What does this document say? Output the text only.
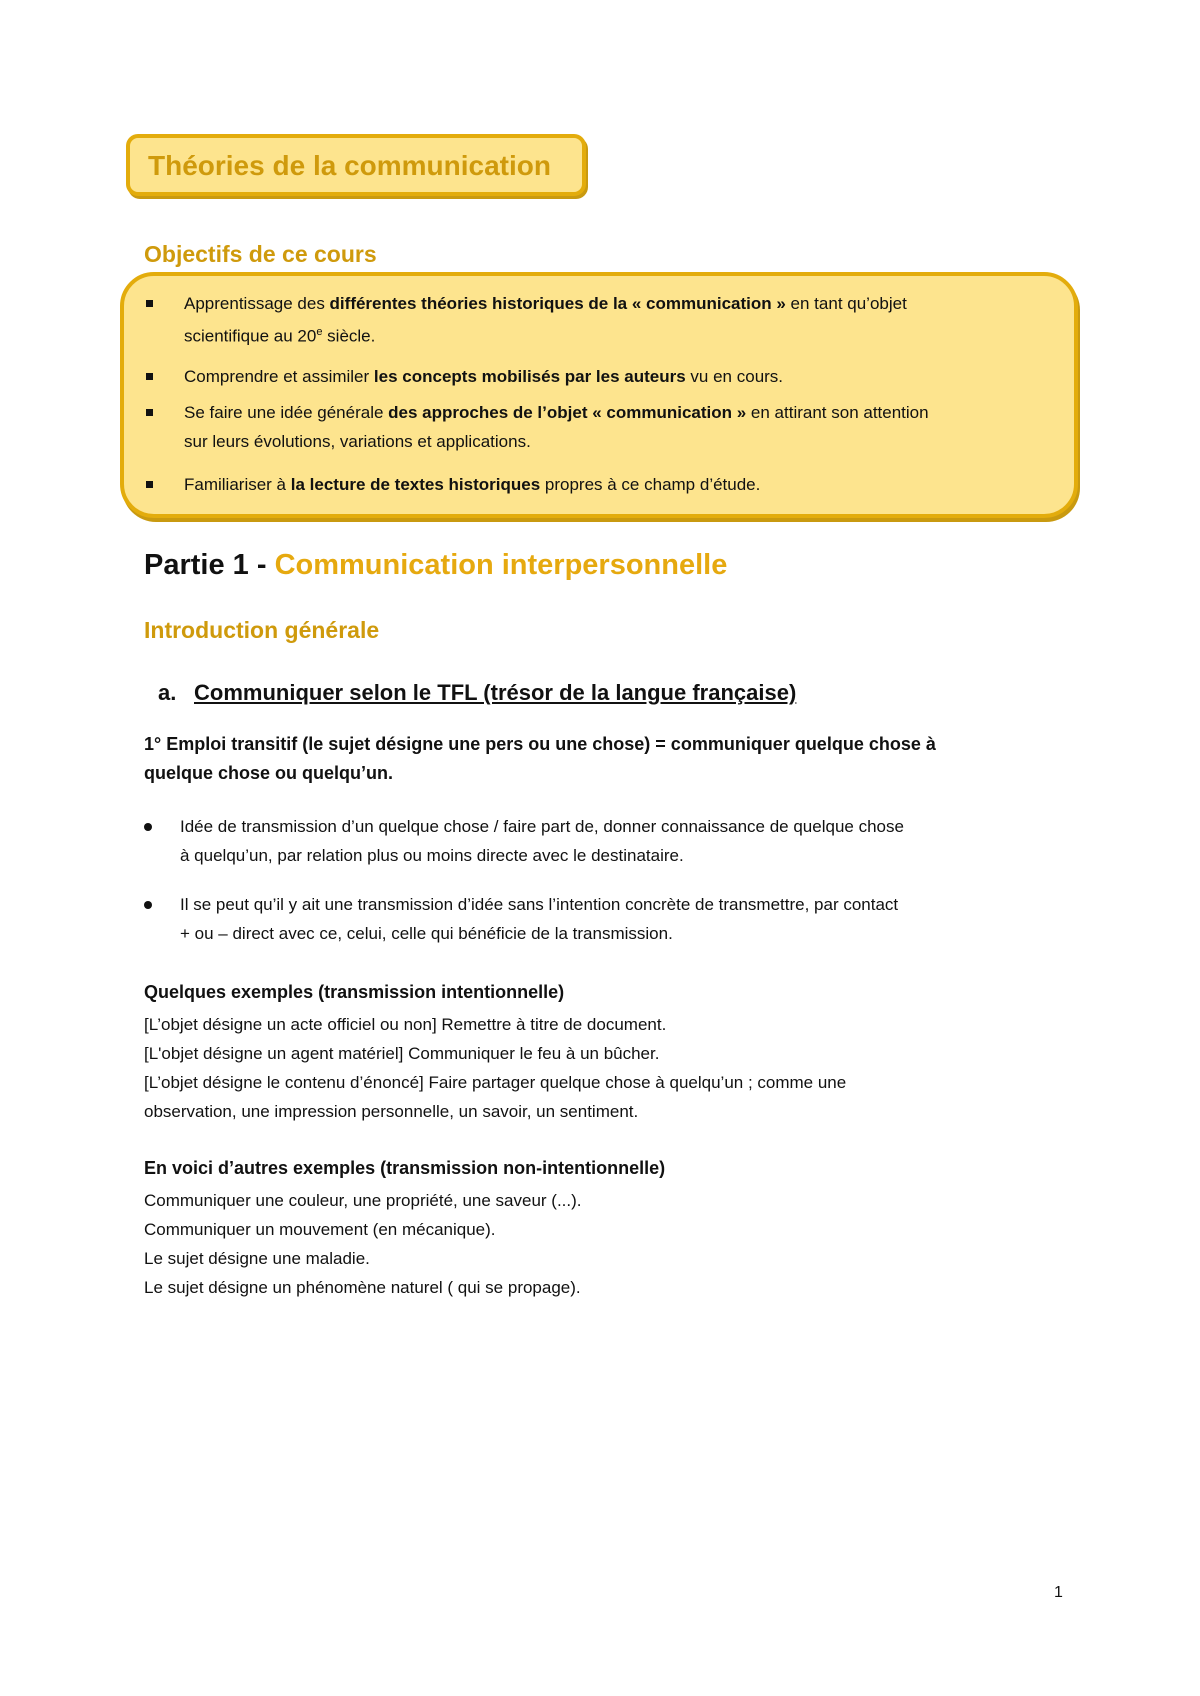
Théories de la communication
Objectifs de ce cours
Apprentissage des différentes théories historiques de la « communication » en tant qu’objet
scientifique au 20e siècle.
Comprendre et assimiler les concepts mobilisés par les auteurs vu en cours.
Se faire une idée générale des approches de l’objet « communication » en attirant son attention
sur leurs évolutions, variations et applications.
Familiariser à la lecture de textes historiques propres à ce champ d’étude.
Partie 1 - Communication interpersonnelle
Introduction générale
a. Communiquer selon le TFL (trésor de la langue française)
1° Emploi transitif (le sujet désigne une pers ou une chose) = communiquer quelque chose à
quelque chose ou quelqu’un.
Idée de transmission d’un quelque chose / faire part de, donner connaissance de quelque chose
à quelqu’un, par relation plus ou moins directe avec le destinataire.
Il se peut qu’il y ait une transmission d’idée sans l’intention concrète de transmettre, par contact
+ ou – direct avec ce, celui, celle qui bénéficie de la transmission.
Quelques exemples (transmission intentionnelle)
[L’objet désigne un acte officiel ou non] Remettre à titre de document.
[L'objet désigne un agent matériel] Communiquer le feu à un bûcher.
[L’objet désigne le contenu d’énoncé] Faire partager quelque chose à quelqu’un ; comme une
observation, une impression personnelle, un savoir, un sentiment.
En voici d’autres exemples (transmission non-intentionnelle)
Communiquer une couleur, une propriété, une saveur (...).
Communiquer un mouvement (en mécanique).
Le sujet désigne une maladie.
Le sujet désigne un phénomène naturel ( qui se propage).
1
